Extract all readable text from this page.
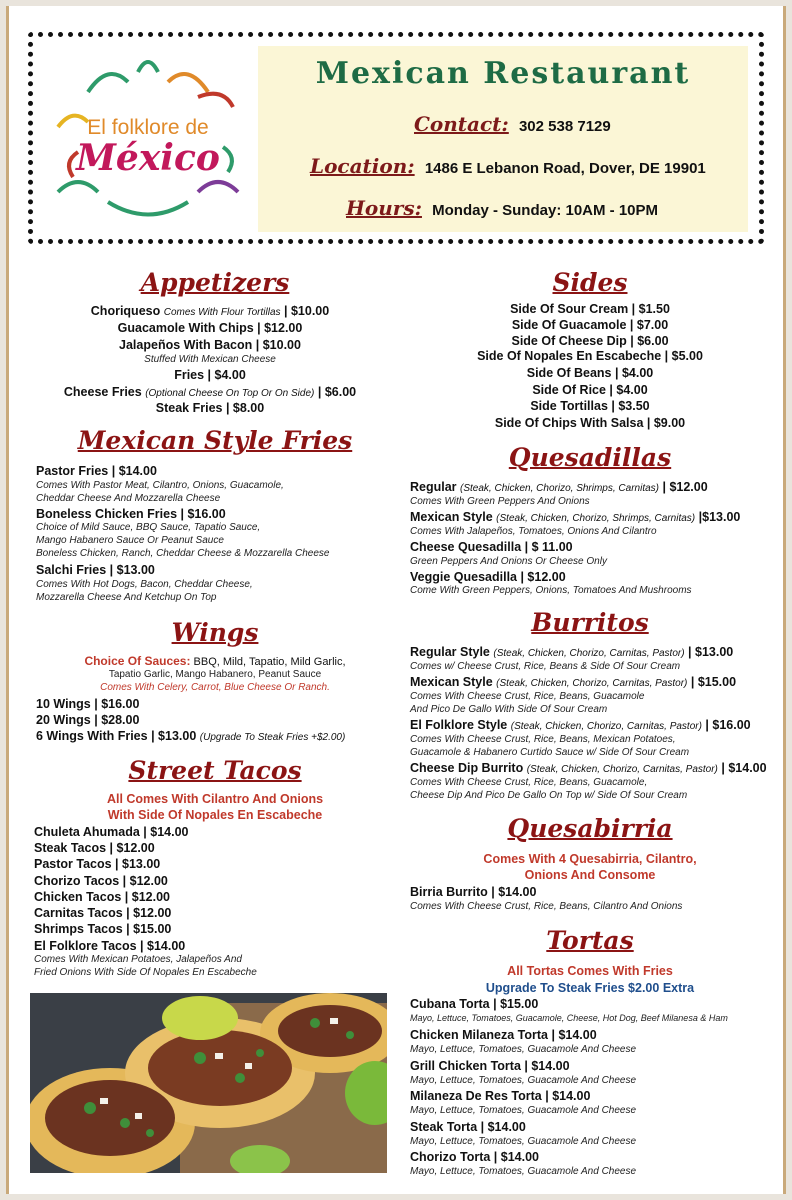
El folklore de
México
Mexican Restaurant
Contact: 302 538 7129
Location: 1486 E Lebanon Road, Dover, DE 19901
Hours: Monday - Sunday: 10AM - 10PM
Appetizers
Choriqueso Comes With Flour Tortillas | $10.00
Guacamole With Chips | $12.00
Jalapeños With Bacon | $10.00
Stuffed With Mexican Cheese
Fries | $4.00
Cheese Fries (Optional Cheese On Top Or On Side) | $6.00
Steak Fries | $8.00
Mexican Style Fries
Pastor Fries | $14.00
Comes With Pastor Meat, Cilantro, Onions, Guacamole,
Cheddar Cheese And Mozzarella Cheese
Boneless Chicken Fries | $16.00
Choice of Mild Sauce, BBQ Sauce, Tapatio Sauce,
Mango Habanero Sauce Or Peanut Sauce
Boneless Chicken, Ranch, Cheddar Cheese & Mozzarella Cheese
Salchi Fries | $13.00
Comes With Hot Dogs, Bacon, Cheddar Cheese,
Mozzarella Cheese And Ketchup On Top
Wings
Choice Of Sauces: BBQ, Mild, Tapatio, Mild Garlic,
Tapatio Garlic, Mango Habanero, Peanut Sauce
Comes With Celery, Carrot, Blue Cheese Or Ranch.
10 Wings | $16.00
20 Wings | $28.00
6 Wings With Fries | $13.00 (Upgrade To Steak Fries +$2.00)
Street Tacos
All Comes With Cilantro And Onions
With Side Of Nopales En Escabeche
Chuleta Ahumada | $14.00
Steak Tacos | $12.00
Pastor Tacos | $13.00
Chorizo Tacos | $12.00
Chicken Tacos | $12.00
Carnitas Tacos | $12.00
Shrimps Tacos | $15.00
El Folklore Tacos | $14.00
Comes With Mexican Potatoes, Jalapeños And
Fried Onions With Side Of Nopales En Escabeche
Sides
Side Of Sour Cream | $1.50
Side Of Guacamole | $7.00
Side Of Cheese Dip | $6.00
Side Of Nopales En Escabeche | $5.00
Side Of Beans | $4.00
Side Of Rice | $4.00
Side Tortillas | $3.50
Side Of Chips With Salsa | $9.00
Quesadillas
Regular (Steak, Chicken, Chorizo, Shrimps, Carnitas) | $12.00
Comes With Green Peppers And Onions
Mexican Style (Steak, Chicken, Chorizo, Shrimps, Carnitas) |$13.00
Comes With Jalapeños, Tomatoes, Onions And Cilantro
Cheese Quesadilla | $ 11.00
Green Peppers And Onions Or Cheese Only
Veggie Quesadilla | $12.00
Come With Green Peppers, Onions, Tomatoes And Mushrooms
Burritos
Regular Style (Steak, Chicken, Chorizo, Carnitas, Pastor) | $13.00
Comes w/ Cheese Crust, Rice, Beans & Side Of Sour Cream
Mexican Style (Steak, Chicken, Chorizo, Carnitas, Pastor) | $15.00
Comes With Cheese Crust, Rice, Beans, Guacamole
And Pico De Gallo With Side Of Sour Cream
El Folklore Style (Steak, Chicken, Chorizo, Carnitas, Pastor) | $16.00
Comes With Cheese Crust, Rice, Beans, Mexican Potatoes,
Guacamole & Habanero Curtido Sauce w/ Side Of Sour Cream
Cheese Dip Burrito (Steak, Chicken, Chorizo, Carnitas, Pastor) | $14.00
Comes With Cheese Crust, Rice, Beans, Guacamole,
Cheese Dip And Pico De Gallo On Top w/ Side Of Sour Cream
Quesabirria
Comes With 4 Quesabirria, Cilantro,
Onions And Consome
Birria Burrito | $14.00
Comes With Cheese Crust, Rice, Beans, Cilantro And Onions
Tortas
All Tortas Comes With Fries
Upgrade To Steak Fries $2.00 Extra
Cubana Torta | $15.00
Mayo, Lettuce, Tomatoes, Guacamole, Cheese, Hot Dog, Beef Milanesa & Ham
Chicken Milaneza Torta | $14.00
Mayo, Lettuce, Tomatoes, Guacamole And Cheese
Grill Chicken Torta | $14.00
Mayo, Lettuce, Tomatoes, Guacamole And Cheese
Milaneza De Res Torta | $14.00
Mayo, Lettuce, Tomatoes, Guacamole And Cheese
Steak Torta | $14.00
Mayo, Lettuce, Tomatoes, Guacamole And Cheese
Chorizo Torta | $14.00
Mayo, Lettuce, Tomatoes, Guacamole And Cheese
